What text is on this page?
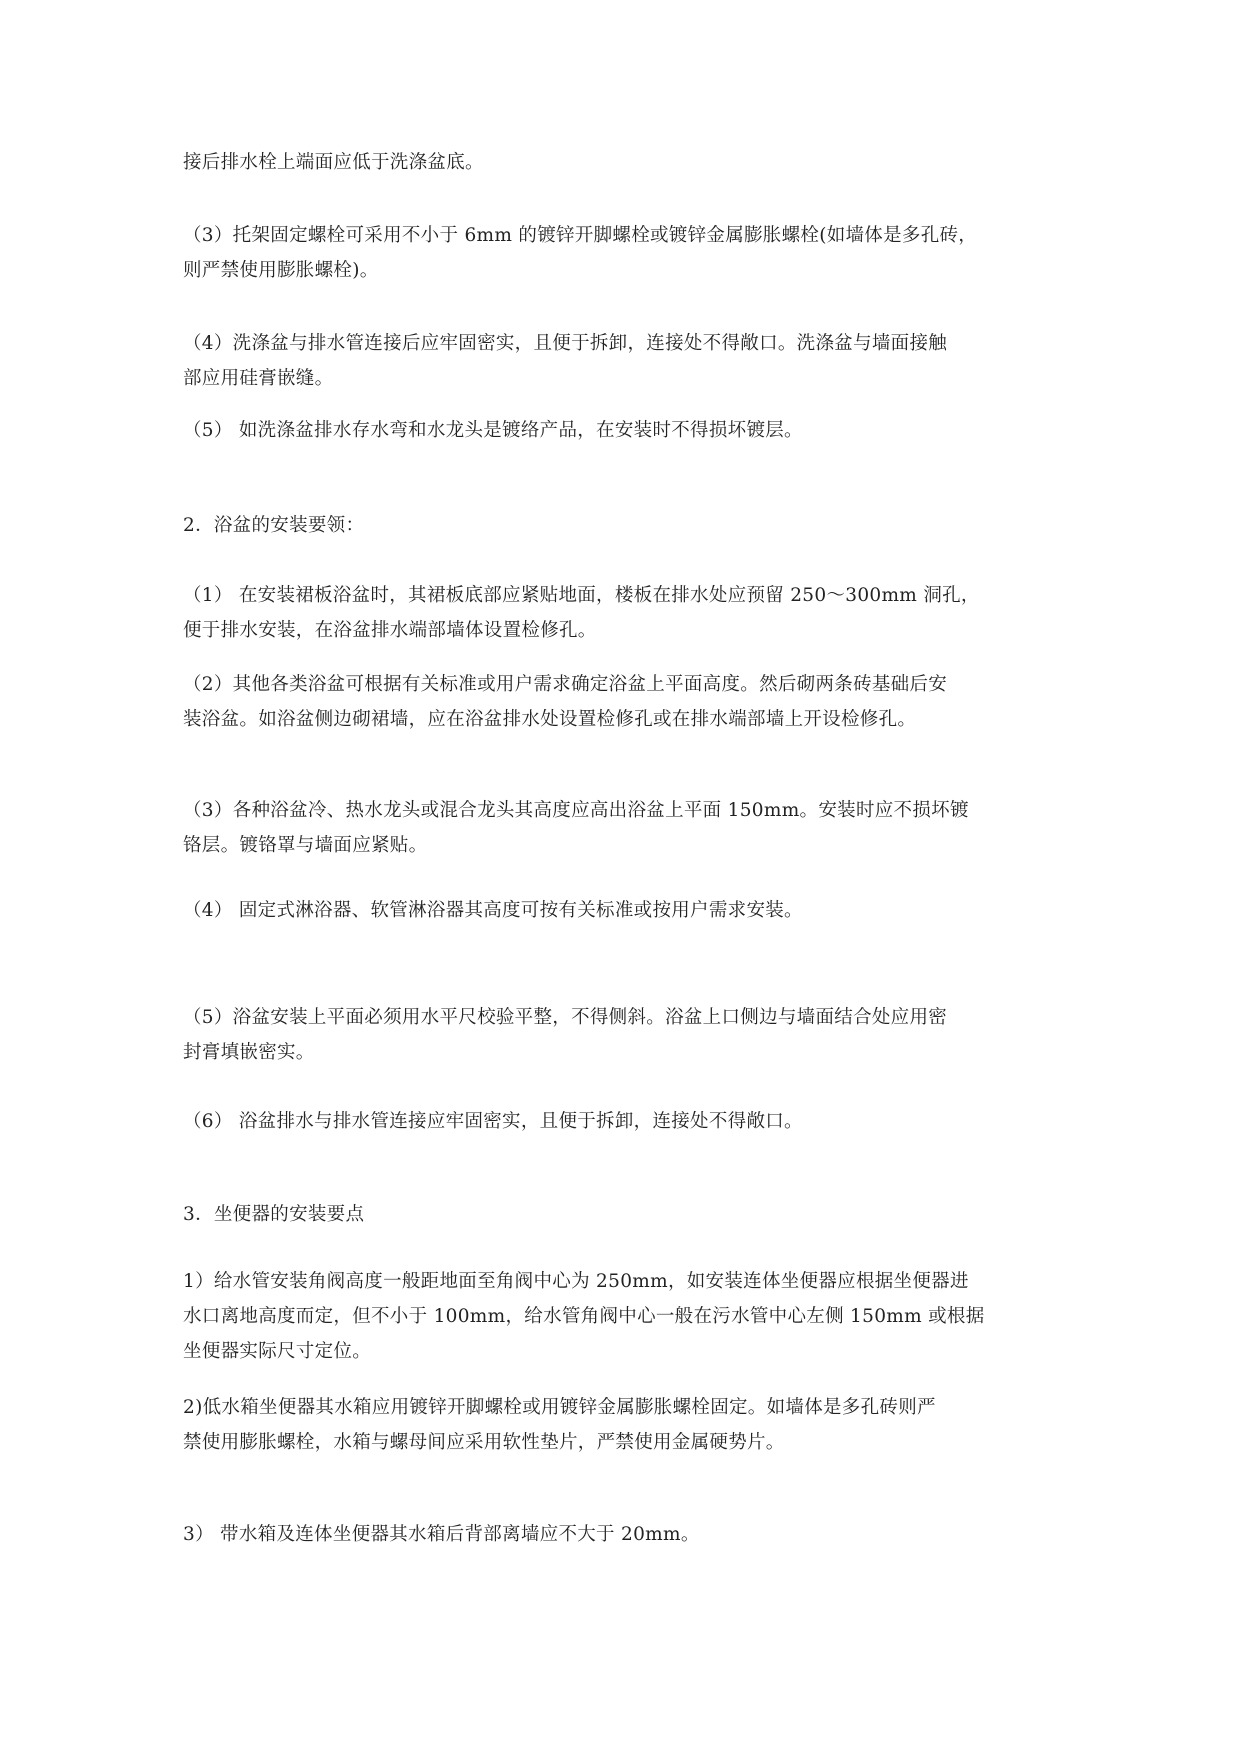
接后排水栓上端面应低于洗涤盆底。
（3）托架固定螺栓可采用不小于 6mm 的镀锌开脚螺栓或镀锌金属膨胀螺栓(如墙体是多孔砖，
则严禁使用膨胀螺栓)。
（4）洗涤盆与排水管连接后应牢固密实，且便于拆卸，连接处不得敞口。洗涤盆与墙面接触
部应用硅膏嵌缝。
（5） 如洗涤盆排水存水弯和水龙头是镀络产品，在安装时不得损坏镀层。
2．浴盆的安装要领：
（1） 在安装裙板浴盆时，其裙板底部应紧贴地面，楼板在排水处应预留 250～300mm 洞孔，
便于排水安装，在浴盆排水端部墙体设置检修孔。
（2）其他各类浴盆可根据有关标准或用户需求确定浴盆上平面高度。然后砌两条砖基础后安
装浴盆。如浴盆侧边砌裙墙，应在浴盆排水处设置检修孔或在排水端部墙上开设检修孔。
（3）各种浴盆冷、热水龙头或混合龙头其高度应高出浴盆上平面 150mm。安装时应不损坏镀
铬层。镀铬罩与墙面应紧贴。
（4） 固定式淋浴器、软管淋浴器其高度可按有关标准或按用户需求安装。
（5）浴盆安装上平面必须用水平尺校验平整，不得侧斜。浴盆上口侧边与墙面结合处应用密
封膏填嵌密实。
（6） 浴盆排水与排水管连接应牢固密实，且便于拆卸，连接处不得敞口。
3．坐便器的安装要点
1）给水管安装角阀高度一般距地面至角阀中心为 250mm，如安装连体坐便器应根据坐便器进
水口离地高度而定，但不小于 100mm，给水管角阀中心一般在污水管中心左侧 150mm 或根据
坐便器实际尺寸定位。
2)低水箱坐便器其水箱应用镀锌开脚螺栓或用镀锌金属膨胀螺栓固定。如墙体是多孔砖则严
禁使用膨胀螺栓，水箱与螺母间应采用软性垫片，严禁使用金属硬势片。
3） 带水箱及连体坐便器其水箱后背部离墙应不大于 20mm。
